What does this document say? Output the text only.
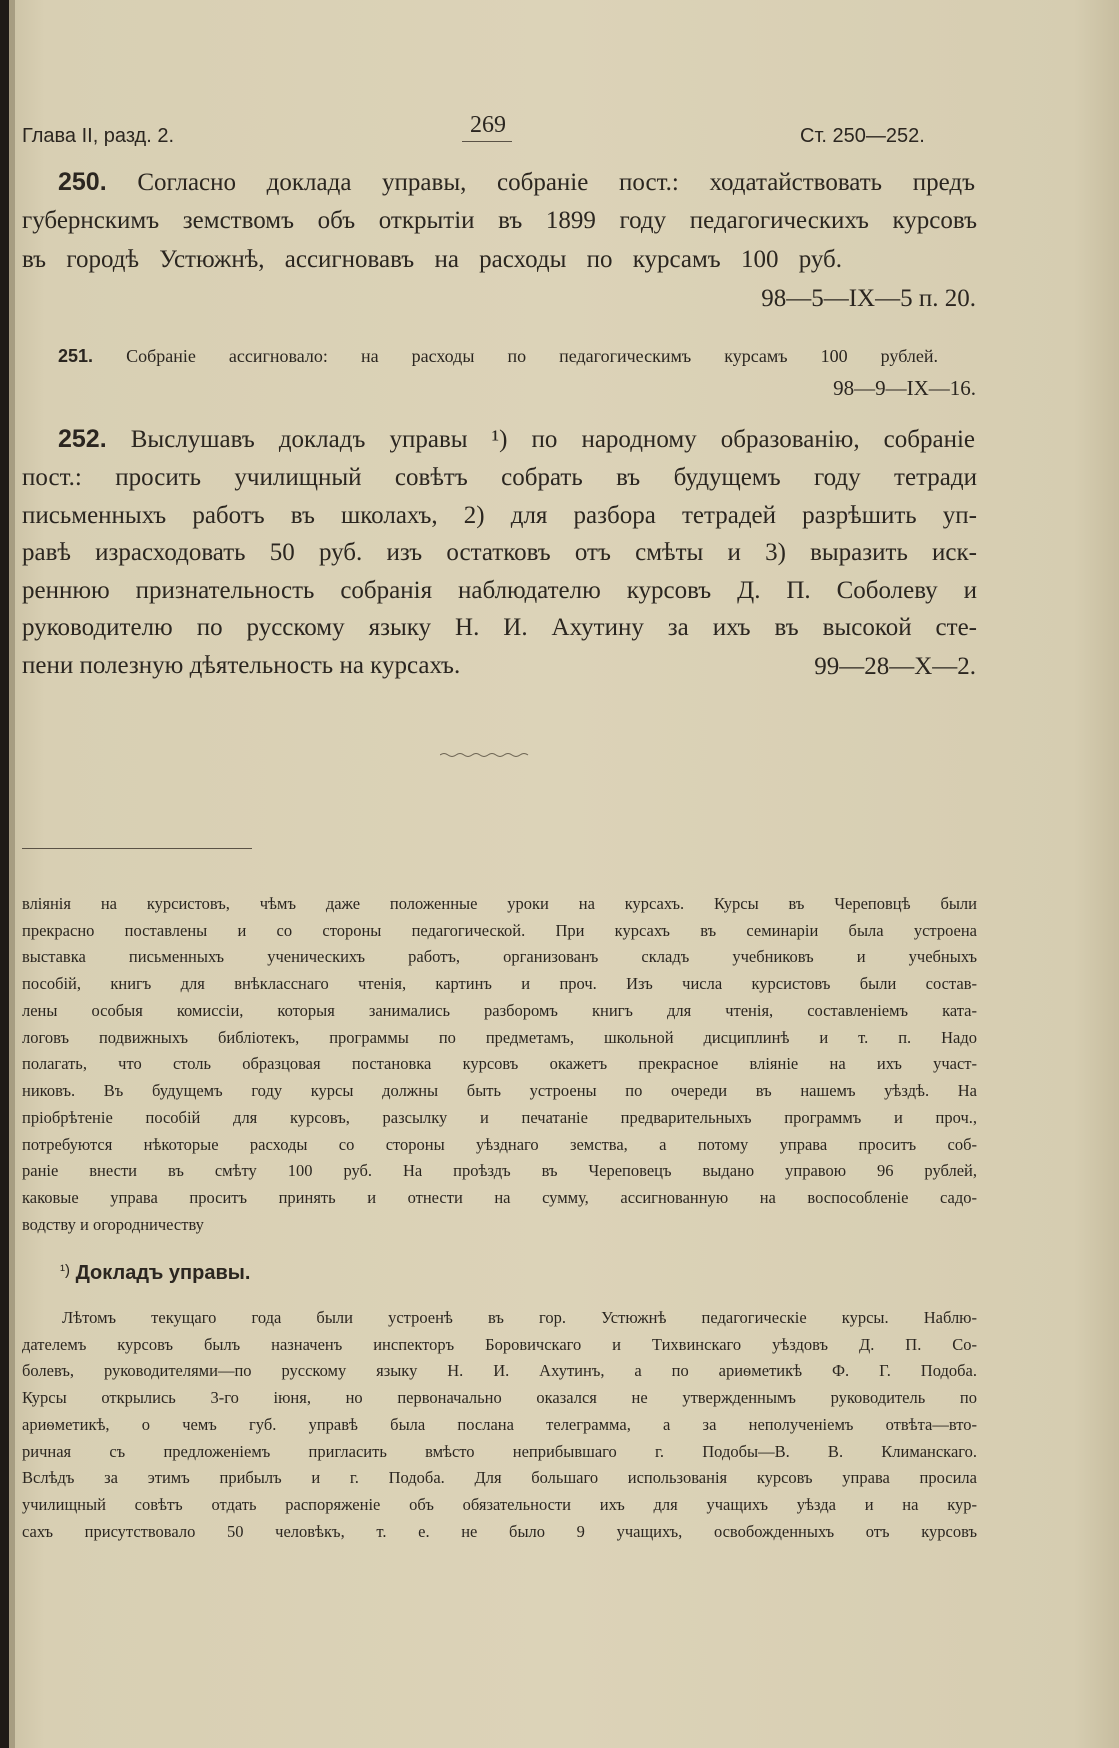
Глава II, разд. 2.	269	Ст. 250—252.
250. Согласно доклада управы, собраніе пост.: ходатайствовать предъ
губернскимъ земствомъ объ открытіи въ 1899 году педагогическихъ курсовъ
въ городѣ Устюжнѣ, ассигновавъ на расходы по курсамъ 100 руб.
98—5—IX—5 п. 20.
251. Собраніе ассигновало: на расходы по педагогическимъ курсамъ 100 рублей.
98—9—IX—16.
252. Выслушавъ докладъ управы ¹) по народному образованію, собраніе
пост.: просить училищный совѣтъ собрать въ будущемъ году тетради
письменныхъ работъ въ школахъ, 2) для разбора тетрадей разрѣшить уп-
равѣ израсходовать 50 руб. изъ остатковъ отъ смѣты и 3) выразить иск-
реннюю признательность собранія наблюдателю курсовъ Д. П. Соболеву и
руководителю по русскому языку Н. И. Ахутину за ихъ въ высокой сте-
пени полезную дѣятельность на курсахъ.	99—28—X—2.
вліянія на курсистовъ, чѣмъ даже положенные уроки на курсахъ. Курсы въ Череповцѣ были
прекрасно поставлены и со стороны педагогической. При курсахъ въ семинаріи была устроена
выставка письменныхъ ученическихъ работъ, организованъ складъ учебниковъ и учебныхъ
пособій, книгъ для внѣкласснаго чтенія, картинъ и проч. Изъ числа курсистовъ были состав-
лены особыя комиссіи, которыя занимались разборомъ книгъ для чтенія, составленіемъ ката-
логовъ подвижныхъ библіотекъ, программы по предметамъ, школьной дисциплинѣ и т. п. Надо
полагать, что столь образцовая постановка курсовъ окажетъ прекрасное вліяніе на ихъ участ-
никовъ. Въ будущемъ году курсы должны быть устроены по очереди въ нашемъ уѣздѣ. На
пріобрѣтеніе пособій для курсовъ, разсылку и печатаніе предварительныхъ программъ и проч.,
потребуются нѣкоторые расходы со стороны уѣзднаго земства, а потому управа проситъ соб-
раніе внести въ смѣту 100 руб. На проѣздъ въ Череповецъ выдано управою 96 рублей,
каковые управа проситъ принять и отнести на сумму, ассигнованную на воспособленіе садо-
водству и огородничеству
$^{^1)}$ Докладъ управы.
Лѣтомъ текущаго года были устроенѣ въ гор. Устюжнѣ педагогическіе курсы. Наблю-
дателемъ курсовъ былъ назначенъ инспекторъ Боровичскаго и Тихвинскаго уѣздовъ Д. П. Со-
болевъ, руководителями—по русскому языку Н. И. Ахутинъ, а по ариѳметикѣ Ф. Г. Подоба.
Курсы открылись 3-го іюня, но первоначально оказался не утвержденнымъ руководитель по
ариѳметикѣ, о чемъ губ. управѣ была послана телеграмма, а за неполученіемъ отвѣта—вто-
ричная съ предложеніемъ пригласить вмѣсто неприбывшаго г. Подобы—В. В. Климанскаго.
Вслѣдъ за этимъ прибылъ и г. Подоба. Для большаго использованія курсовъ управа просила
училищный совѣтъ отдать распоряженіе объ обязательности ихъ для учащихъ уѣзда и на кур-
сахъ присутствовало 50 человѣкъ, т. е. не было 9 учащихъ, освобожденныхъ отъ курсовъ
